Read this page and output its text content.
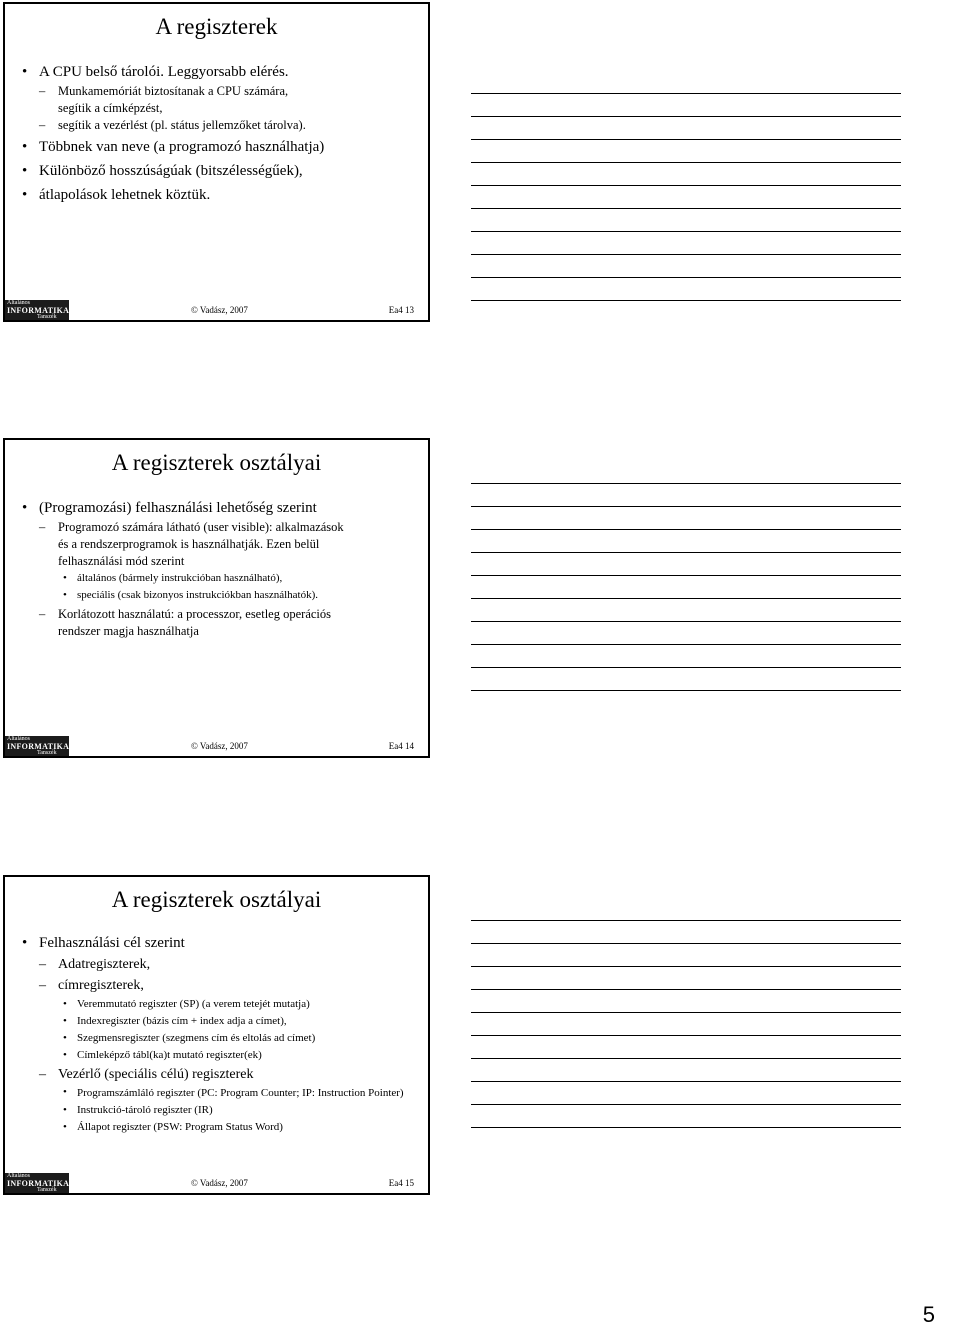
A regiszterek
• A CPU belső tárolói. Leggyorsabb elérés.
– Munkamemóriát biztosítanak a CPU számára,
segítik a címképzést,
– segítik a vezérlést (pl. státus jellemzőket tárolva).
• Többnek van neve (a programozó használhatja)
• Különböző hosszúságúak (bitszélességűek),
• átlapolások lehetnek köztük.
Általános
INFORMATIKAI
Tanszék
© Vadász, 2007	Ea4 13
A regiszterek osztályai
• (Programozási) felhasználási lehetőség szerint
– Programozó számára látható (user visible): alkalmazások
és a rendszerprogramok is használhatják. Ezen belül
felhasználási mód szerint
• általános (bármely instrukcióban használható),
• speciális (csak bizonyos instrukciókban használhatók).
– Korlátozott használatú: a processzor, esetleg operációs
rendszer magja használhatja
Általános
INFORMATIKAI
Tanszék
© Vadász, 2007	Ea4 14
A regiszterek osztályai
• Felhasználási cél szerint
– Adatregiszterek,
– címregiszterek,
• Veremmutató regiszter (SP) (a verem tetejét mutatja)
• Indexregiszter (bázis cím + index adja a címet),
• Szegmensregiszter (szegmens cím és eltolás ad címet)
• Címleképző tábl(ka)t mutató regiszter(ek)
– Vezérlő (speciális célú) regiszterek
• Programszámláló regiszter (PC: Program Counter; IP: Instruction Pointer)
• Instrukció-tároló regiszter (IR)
• Állapot regiszter (PSW: Program Status Word)
Általános
INFORMATIKAI
Tanszék
© Vadász, 2007	Ea4 15
5
